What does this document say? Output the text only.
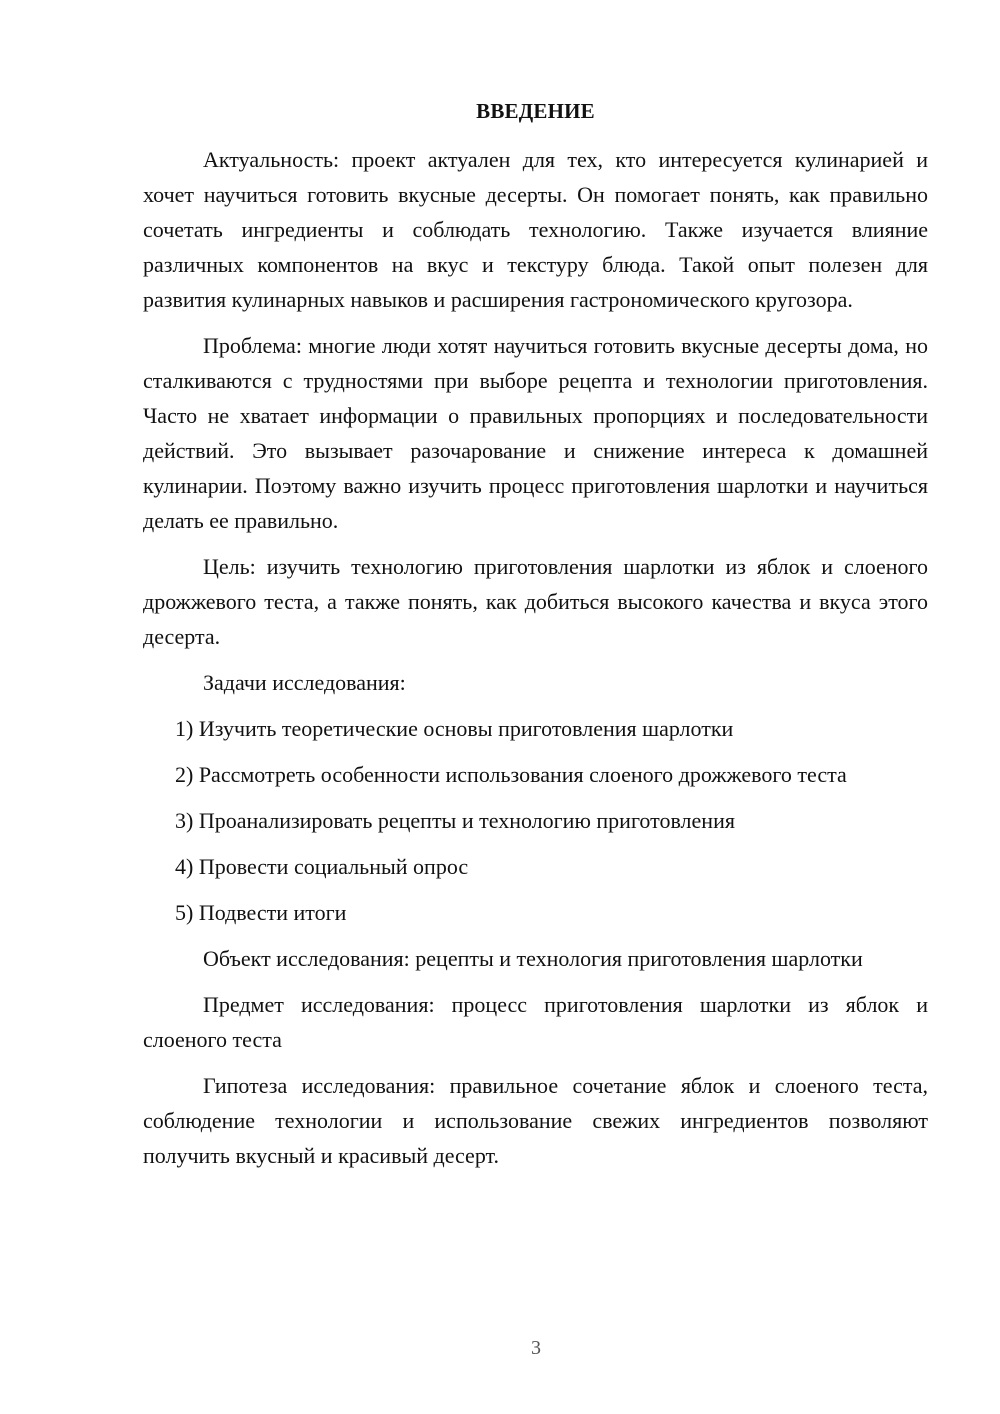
ВВЕДЕНИЕ

Актуальность: проект актуален для тех, кто интересуется кулинарией и хочет научиться готовить вкусные десерты. Он помогает понять, как правильно сочетать ингредиенты и соблюдать технологию. Также изучается влияние различных компонентов на вкус и текстуру блюда. Такой опыт полезен для развития кулинарных навыков и расширения гастрономического кругозора.

Проблема: многие люди хотят научиться готовить вкусные десерты дома, но сталкиваются с трудностями при выборе рецепта и технологии приготовления. Часто не хватает информации о правильных пропорциях и последовательности действий. Это вызывает разочарование и снижение интереса к домашней кулинарии. Поэтому важно изучить процесс приготовления шарлотки и научиться делать ее правильно.

Цель: изучить технологию приготовления шарлотки из яблок и слоеного дрожжевого теста, а также понять, как добиться высокого качества и вкуса этого десерта.

Задачи исследования:

1) Изучить теоретические основы приготовления шарлотки

2) Рассмотреть особенности использования слоеного дрожжевого теста

3) Проанализировать рецепты и технологию приготовления

4) Провести социальный опрос

5) Подвести итоги

Объект исследования: рецепты и технология приготовления шарлотки

Предмет исследования: процесс приготовления шарлотки из яблок и слоеного теста

Гипотеза исследования: правильное сочетание яблок и слоеного теста, соблюдение технологии и использование свежих ингредиентов позволяют получить вкусный и красивый десерт.

3
